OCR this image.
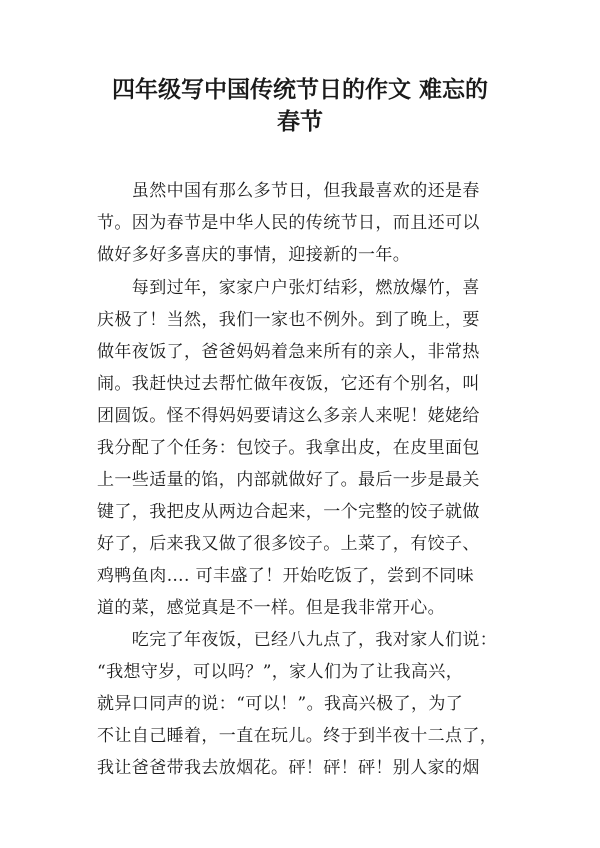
四年级写中国传统节日的作文 难忘的
春节
　　虽然中国有那么多节日，但我最喜欢的还是春
节。因为春节是中华人民的传统节日，而且还可以
做好多好多喜庆的事情，迎接新的一年。
　　每到过年，家家户户张灯结彩，燃放爆竹，喜
庆极了！当然，我们一家也不例外。到了晚上，要
做年夜饭了，爸爸妈妈着急来所有的亲人，非常热
闹。我赶快过去帮忙做年夜饭，它还有个别名，叫
团圆饭。怪不得妈妈要请这么多亲人来呢！姥姥给
我分配了个任务：包饺子。我拿出皮，在皮里面包
上一些适量的馅，内部就做好了。最后一步是最关
键了，我把皮从两边合起来，一个完整的饺子就做
好了，后来我又做了很多饺子。上菜了，有饺子、
鸡鸭鱼肉…. 可丰盛了！开始吃饭了，尝到不同味
道的菜，感觉真是不一样。但是我非常开心。
　　吃完了年夜饭，已经八九点了，我对家人们说：
“我想守岁，可以吗？”，家人们为了让我高兴，
就异口同声的说：“可以！”。我高兴极了，为了
不让自己睡着，一直在玩儿。终于到半夜十二点了，
我让爸爸带我去放烟花。砰！砰！砰！别人家的烟
